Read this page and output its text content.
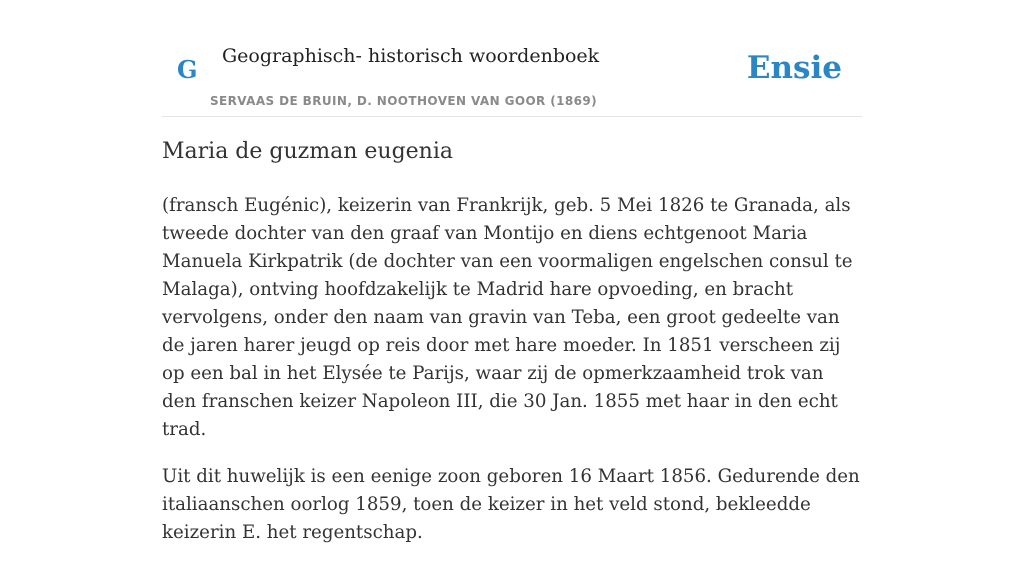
G Geographisch- historisch woordenboek
SERVAAS DE BRUIN, D. NOOTHOVEN VAN GOOR (1869)
Ensie
Maria de guzman eugenia

(fransch Eugénic), keizerin van Frankrijk, geb. 5 Mei 1826 te Granada, als tweede dochter van den graaf van Montijo en diens echtgenoot Maria Manuela Kirkpatrik (de dochter van een voormaligen engelschen consul te Malaga), ontving hoofdzakelijk te Madrid hare opvoeding, en bracht vervolgens, onder den naam van gravin van Teba, een groot gedeelte van de jaren harer jeugd op reis door met hare moeder. In 1851 verscheen zij op een bal in het Elysée te Parijs, waar zij de opmerkzaamheid trok van den franschen keizer Napoleon III, die 30 Jan. 1855 met haar in den echt trad.

Uit dit huwelijk is een eenige zoon geboren 16 Maart 1856. Gedurende den italiaanschen oorlog 1859, toen de keizer in het veld stond, bekleedde keizerin E. het regentschap.
